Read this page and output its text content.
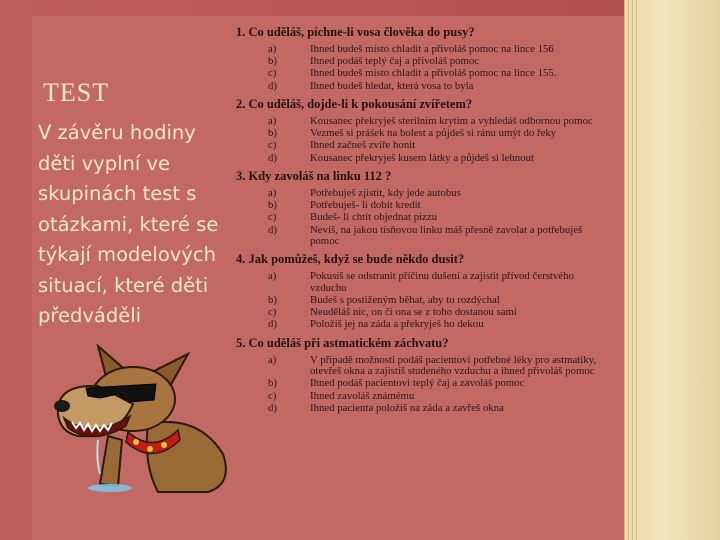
TEST
V závěru hodiny děti vyplní ve skupinách test s otázkami, které se týkají modelových situací, které děti předváděli
1. Co uděláš, píchne-li vosa člověka do pusy?
a)	Ihned budeš místo chladit a přivoláš pomoc na lince 156
b)	Ihned podáš teplý čaj a přivoláš pomoc
c)	Ihned budeš místo chladit a přivoláš pomoc na lince 155.
d)	Ihned budeš hledat, která vosa to byla
2. Co uděláš, dojde-li k pokousání zvířetem?
a)	Kousanec překryješ sterilním krytím a vyhledáš odbornou pomoc
b)	Vezmeš si prášek na bolest a půjdeš si ránu umýt do řeky
c)	Ihned začneš zvíře honit
d)	Kousanec překryješ kusem látky a půjdeš si lehnout
3. Kdy zavoláš na linku 112 ?
a)	Potřebuješ zjistit, kdy jede autobus
b)	Potřebuješ- li dobít kredit
c)	Budeš- li chtít objednat pizzu
d)	Nevíš, na jakou tísňovou linku máš přesně zavolat a potřebuješ pomoc
4. Jak pomůžeš, když se bude někdo dusit?
a)	Pokusíš se odstranit příčinu dušení a zajistit přívod čerstvého vzduchu
b)	Budeš s postiženým běhat, aby to rozdýchal
c)	Neuděláš nic, on či ona se z toho dostanou sami
d)	Položíš jej na záda a překryješ ho dekou
5. Co uděláš při astmatickém záchvatu?
a)	V případě možnosti podáš pacientovi potřebné léky pro astmatiky, otevřeš okna a zajistíš studeného vzduchu a ihned přivoláš pomoc
b)	Ihned podáš pacientovi teplý čaj a zavoláš pomoc
c)	Ihned zavoláš známému
d)	Ihned pacienta položíš na záda a zavřeš okna
